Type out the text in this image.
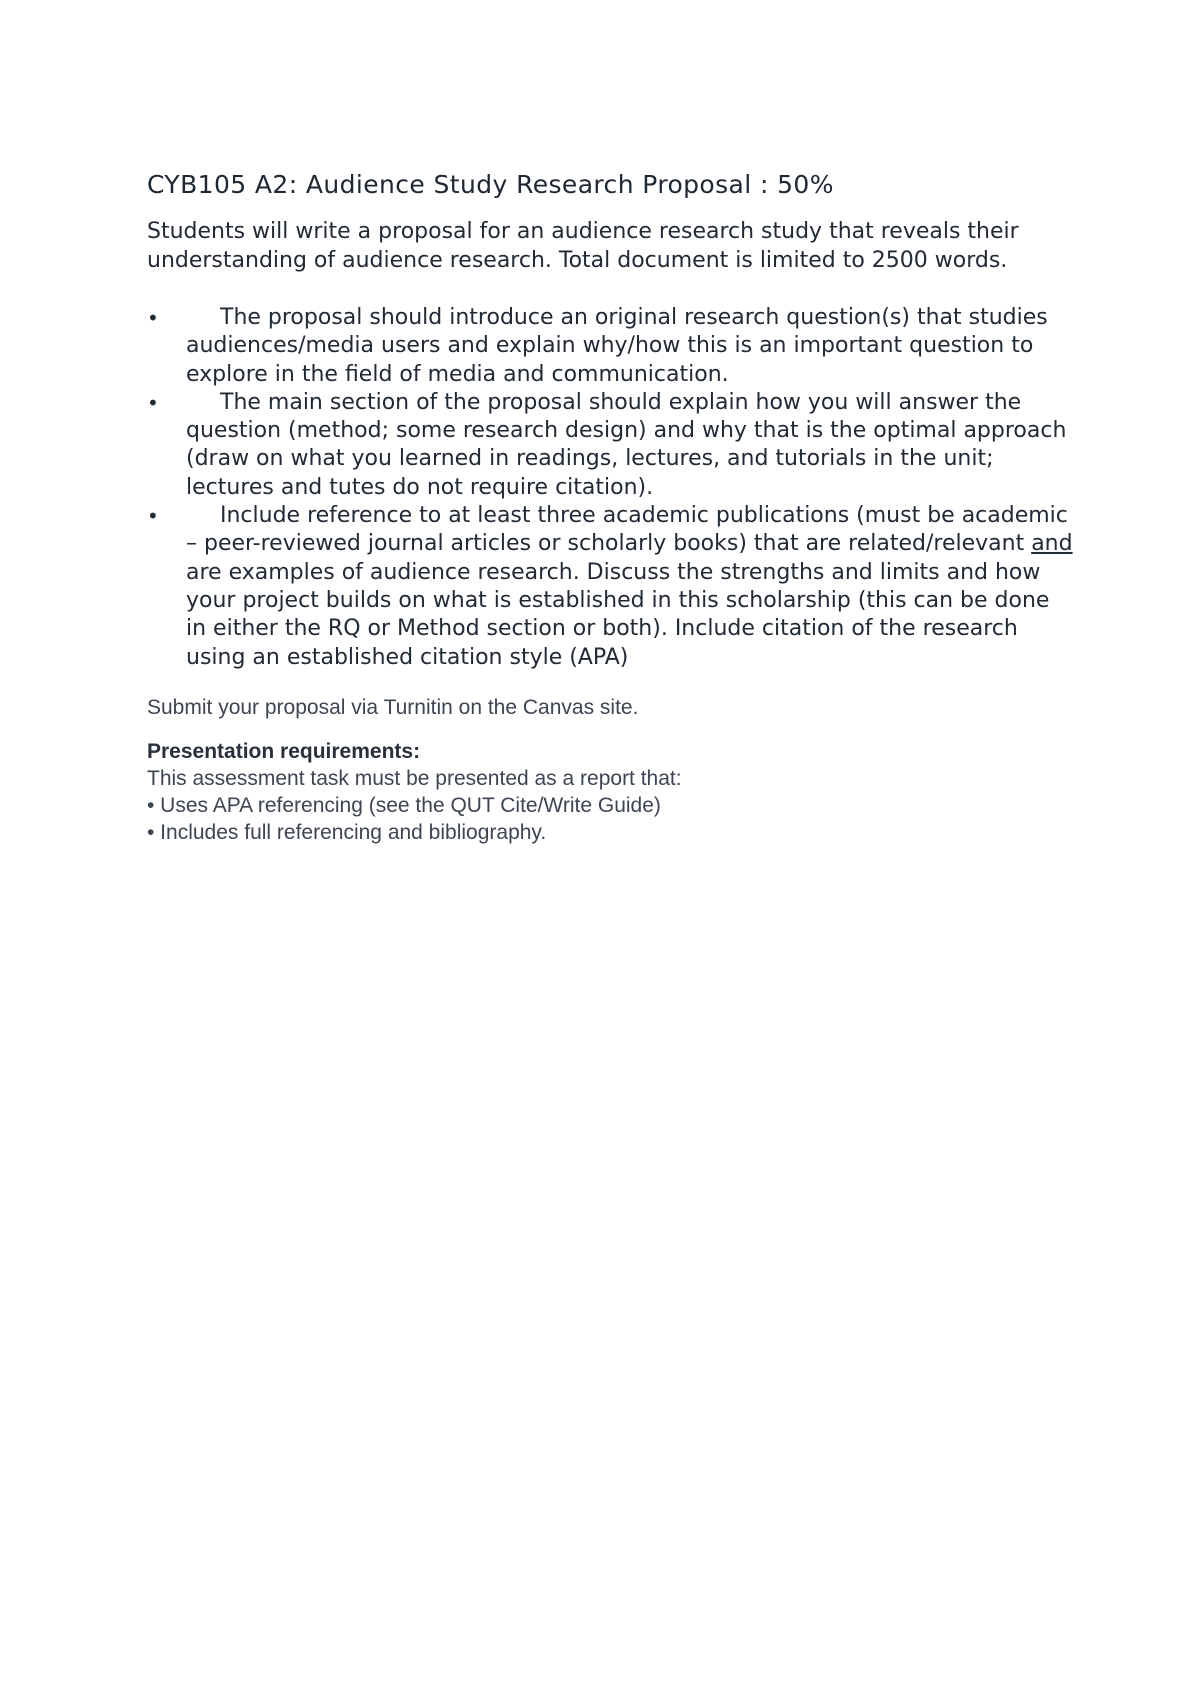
CYB105 A2: Audience Study Research Proposal : 50%

Students will write a proposal for an audience research study that reveals their understanding of audience research. Total document is limited to 2500 words.

•	The proposal should introduce an original research question(s) that studies audiences/media users and explain why/how this is an important question to explore in the field of media and communication.
•	The main section of the proposal should explain how you will answer the question (method; some research design) and why that is the optimal approach (draw on what you learned in readings, lectures, and tutorials in the unit; lectures and tutes do not require citation).
•	Include reference to at least three academic publications (must be academic – peer-reviewed journal articles or scholarly books) that are related/relevant and are examples of audience research. Discuss the strengths and limits and how your project builds on what is established in this scholarship (this can be done in either the RQ or Method section or both). Include citation of the research using an established citation style (APA)

Submit your proposal via Turnitin on the Canvas site.

Presentation requirements:

This assessment task must be presented as a report that:

• Uses APA referencing (see the QUT Cite/Write Guide)

• Includes full referencing and bibliography.
